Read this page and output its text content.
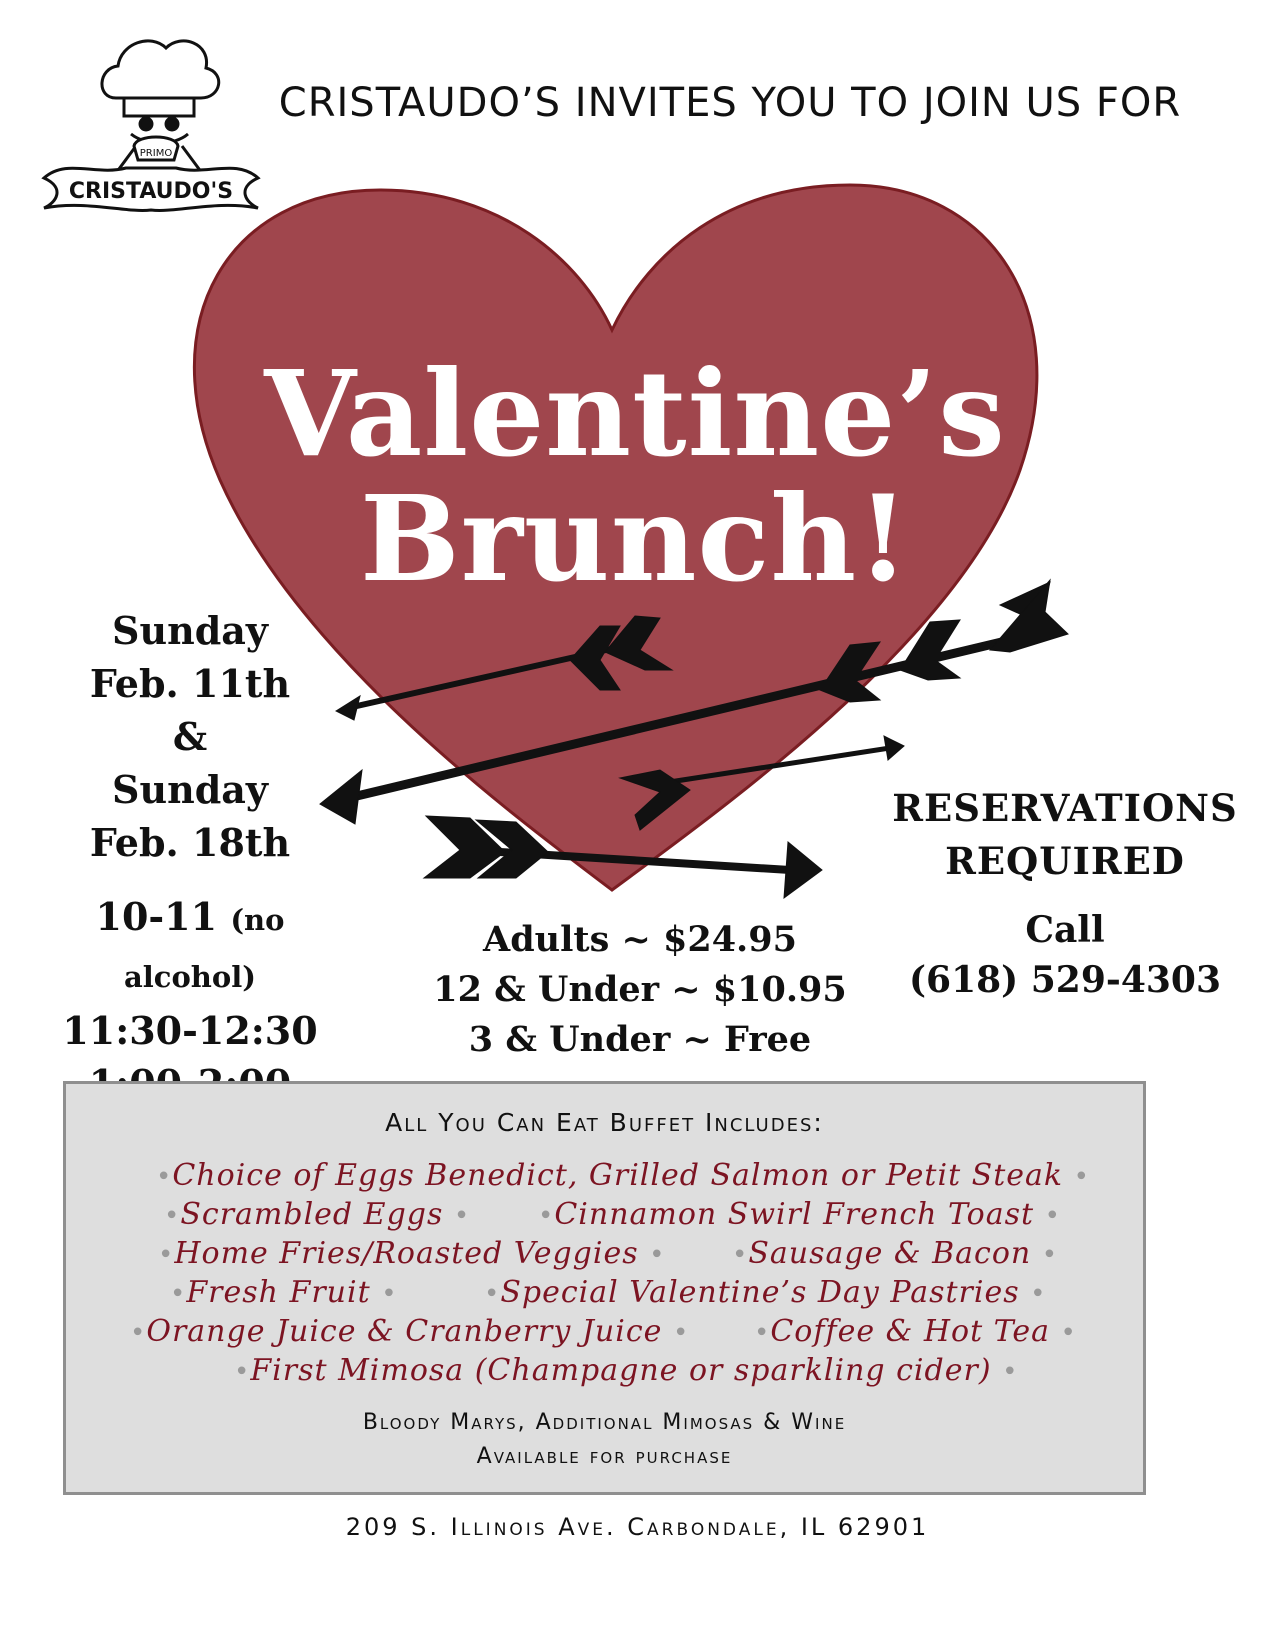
PRIMO
CRISTAUDO'S
CRISTAUDO’S INVITES YOU TO JOIN US FOR
Valentine’s
Brunch!
Sunday
Feb. 11th
&
Sunday
Feb. 18th
10-11 (no alcohol)
11:30-12:30
Adults ~ $24.95
12 & Under ~ $10.95
3 & Under ~ Free
RESERVATIONS
REQUIRED
Call
(618) 529-4303
All You Can Eat Buffet Includes:
•Choice of Eggs Benedict, Grilled Salmon or Petit Steak •
•Scrambled Eggs •	•Cinnamon Swirl French Toast •
•Home Fries/Roasted Veggies •	•Sausage & Bacon •
•Fresh Fruit •	•Special Valentine’s Day Pastries •
•Orange Juice & Cranberry Juice • •Coffee & Hot Tea •
•First Mimosa (Champagne or sparkling cider) •
Bloody Marys, Additional Mimosas & Wine
Available for purchase
209 S. Illinois Ave. Carbondale, IL 62901
